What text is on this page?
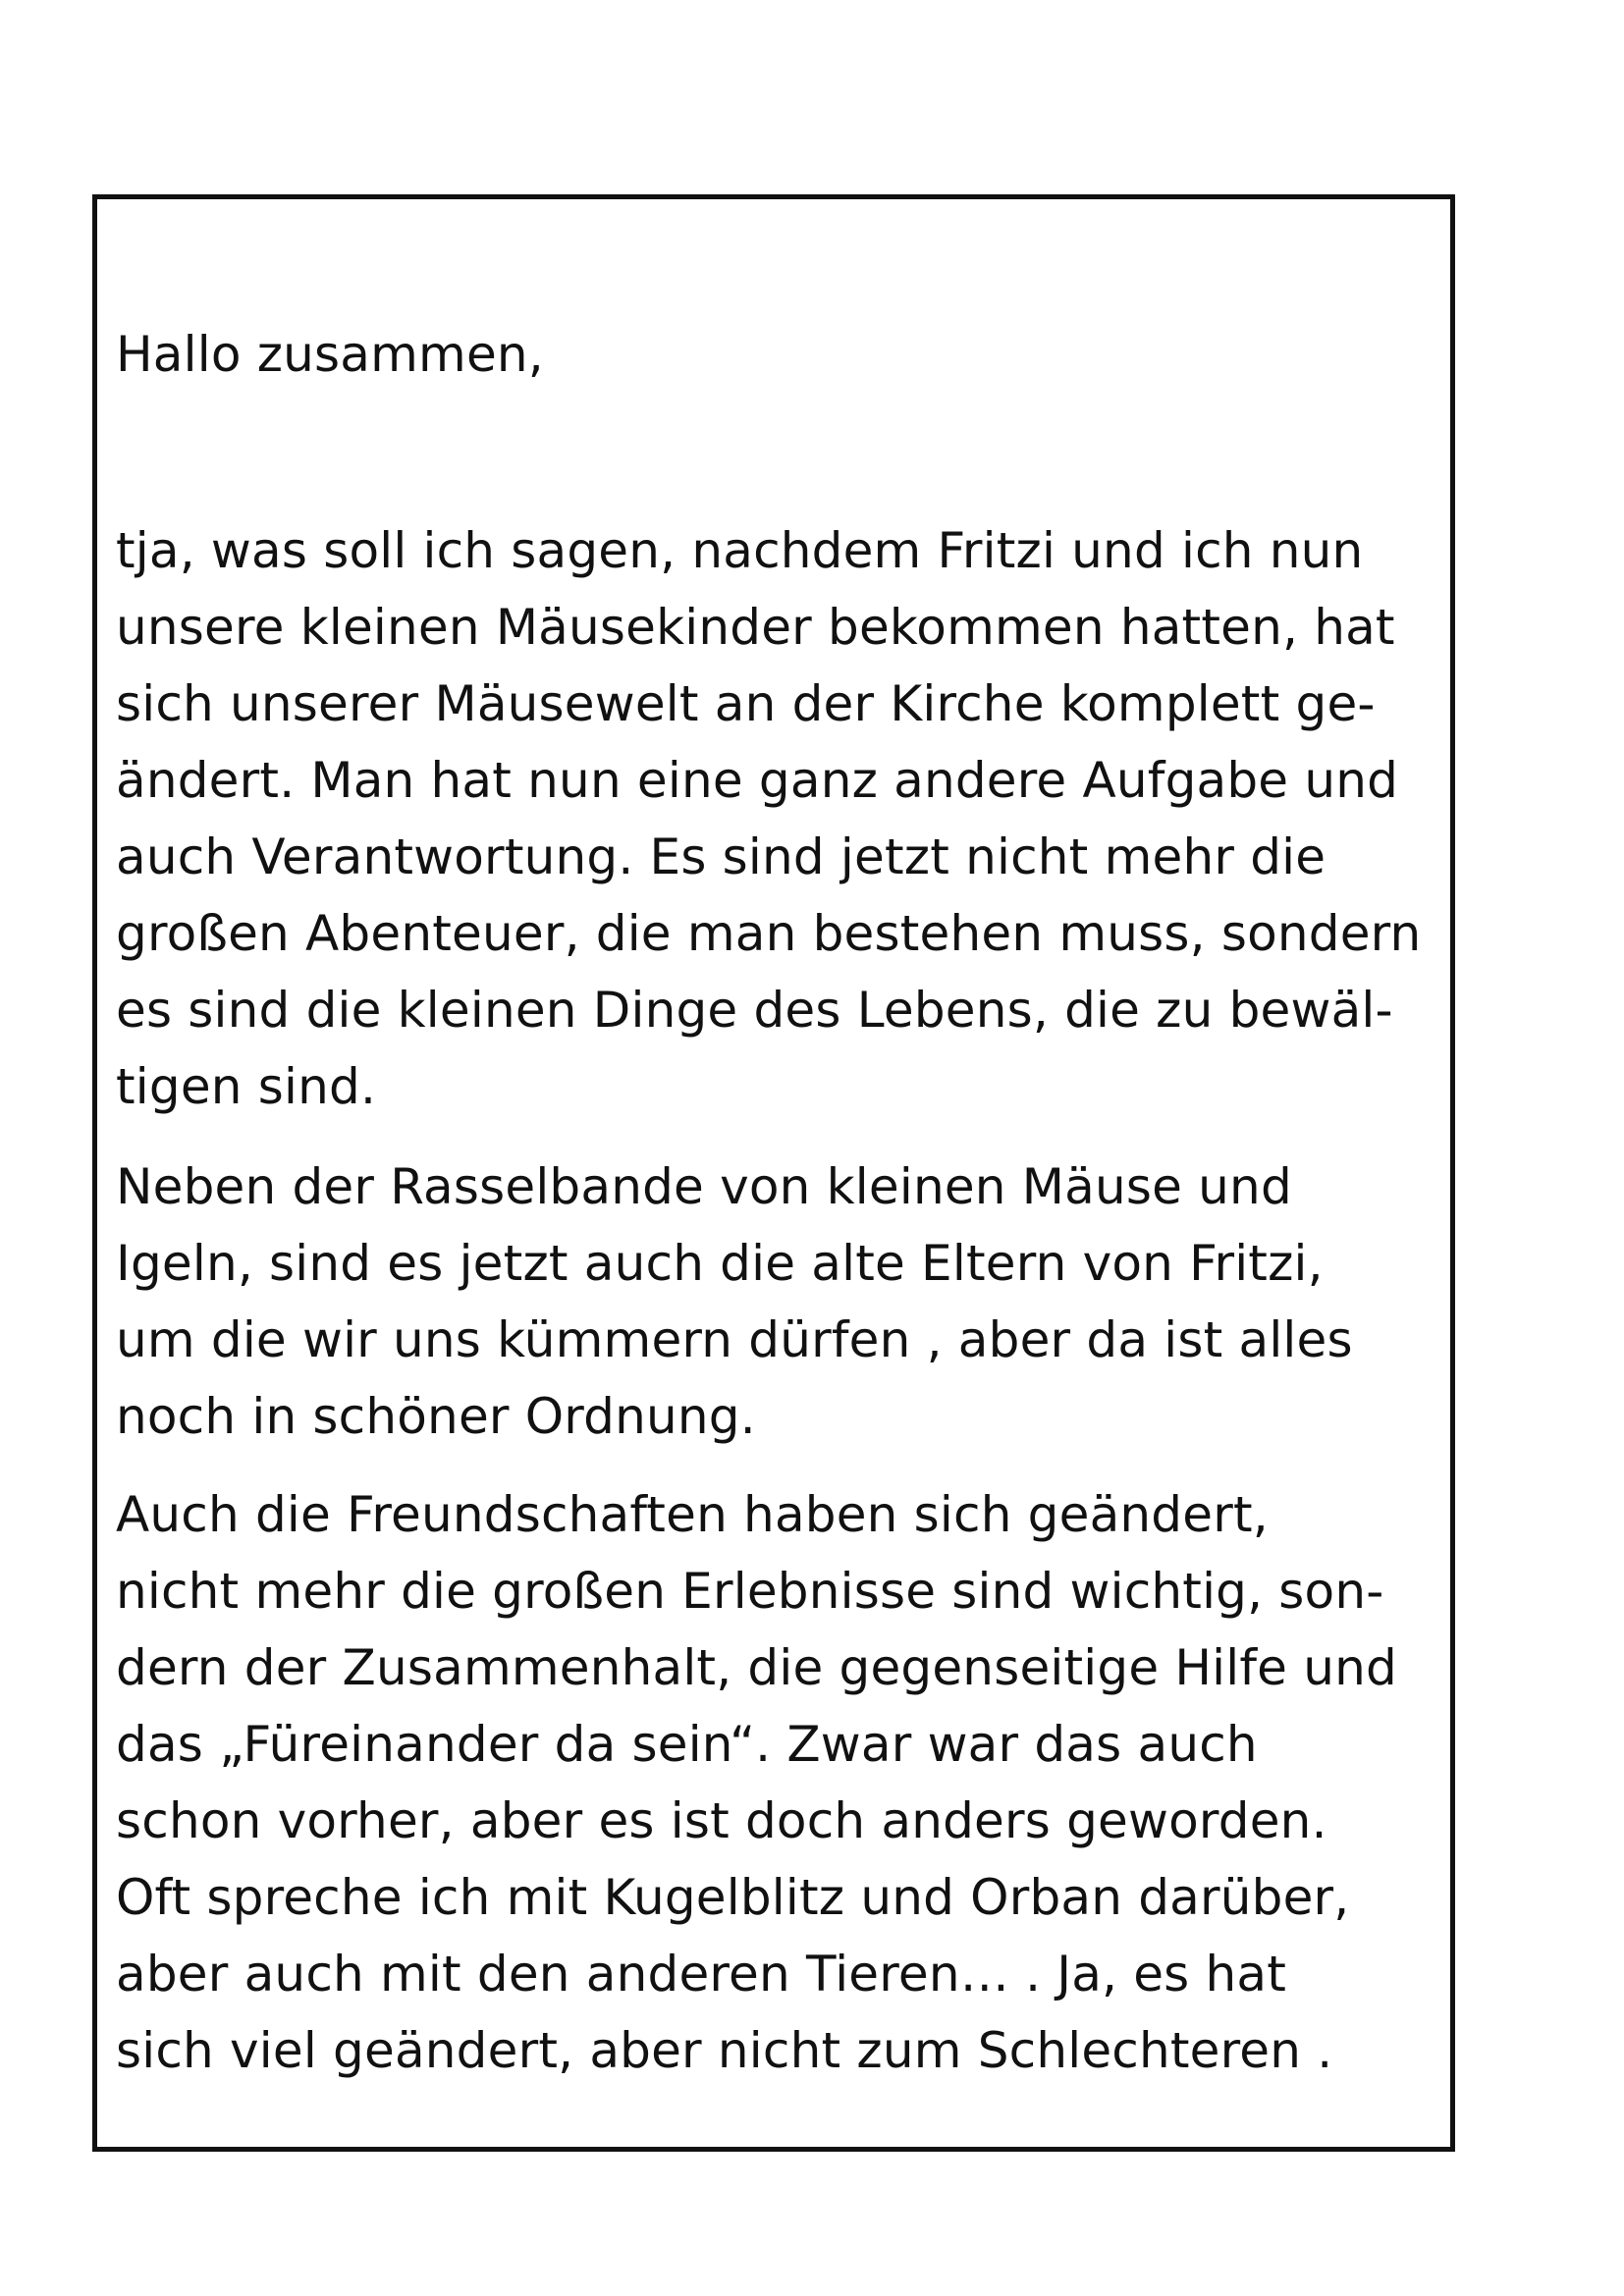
Hallo zusammen,
tja, was soll ich sagen, nachdem Fritzi und ich nun
unsere kleinen Mäusekinder bekommen hatten, hat
sich unserer Mäusewelt an der Kirche komplett ge-
ändert. Man hat nun eine ganz andere Aufgabe und
auch Verantwortung. Es sind jetzt nicht mehr die
großen Abenteuer, die man bestehen muss, sondern
es sind die kleinen Dinge des Lebens, die zu bewäl-
tigen sind.
Neben der Rasselbande von kleinen Mäuse und
Igeln, sind es jetzt auch die alte Eltern von Fritzi,
um die wir uns kümmern dürfen , aber da ist alles
noch in schöner Ordnung.
Auch die Freundschaften haben sich geändert,
nicht mehr die großen Erlebnisse sind wichtig, son-
dern der Zusammenhalt, die gegenseitige Hilfe und
das „Füreinander da sein“. Zwar war das auch
schon vorher, aber es ist doch anders geworden.
Oft spreche ich mit Kugelblitz und Orban darüber,
aber auch mit den anderen Tieren… . Ja, es hat
sich viel geändert, aber nicht zum Schlechteren .
